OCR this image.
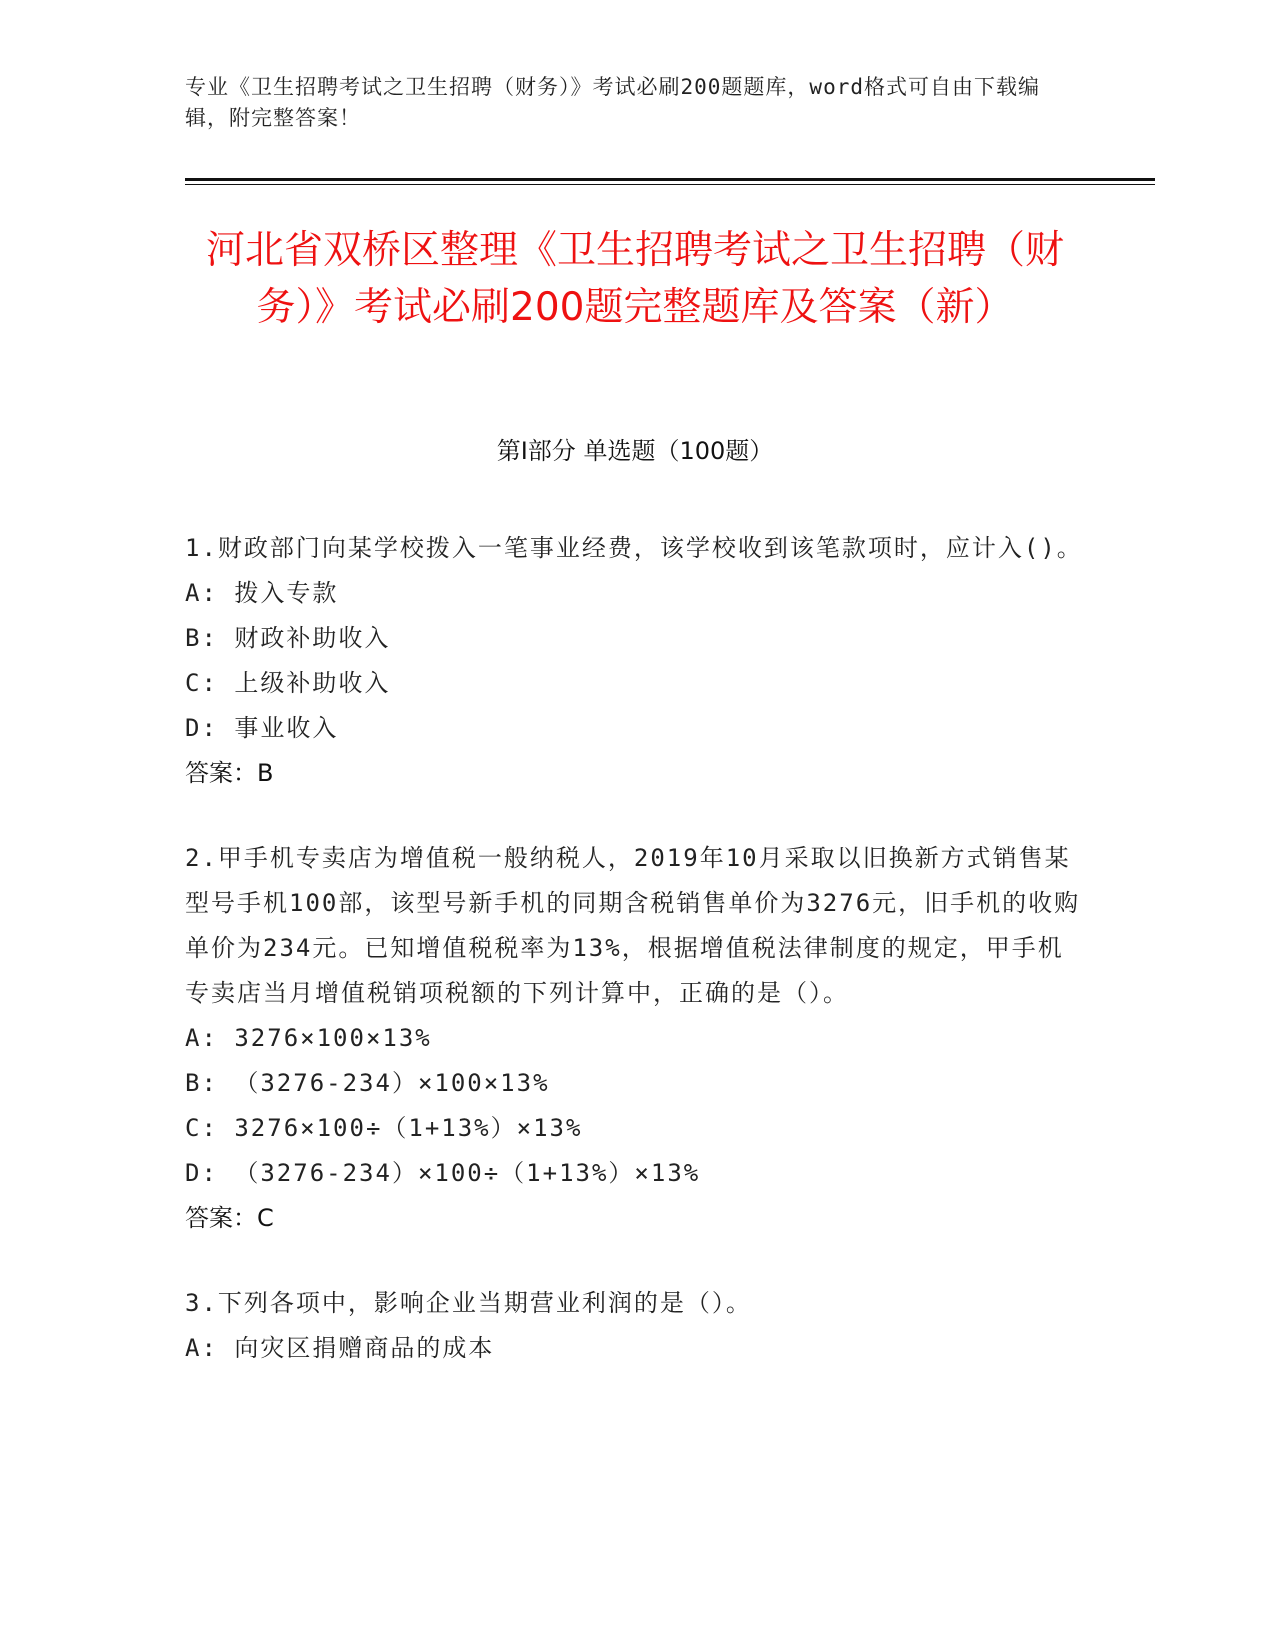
专业《卫生招聘考试之卫生招聘（财务）》考试必刷200题题库，word格式可自由下载编辑，附完整答案！
河北省双桥区整理《卫生招聘考试之卫生招聘（财务）》考试必刷200题完整题库及答案（新）
第Ⅰ部分 单选题（100题）

1.财政部门向某学校拨入一笔事业经费，该学校收到该笔款项时，应计入()。

A: 拨入专款

B: 财政补助收入

C: 上级补助收入

D: 事业收入

答案：B

2.甲手机专卖店为增值税一般纳税人，2019年10月采取以旧换新方式销售某型号手机100部，该型号新手机的同期含税销售单价为3276元，旧手机的收购单价为234元。已知增值税税率为13%，根据增值税法律制度的规定，甲手机专卖店当月增值税销项税额的下列计算中，正确的是（）。

A: 3276×100×13%

B: （3276-234）×100×13%

C: 3276×100÷（1+13%）×13%

D: （3276-234）×100÷（1+13%）×13%

答案：C

3.下列各项中，影响企业当期营业利润的是（）。

A: 向灾区捐赠商品的成本
